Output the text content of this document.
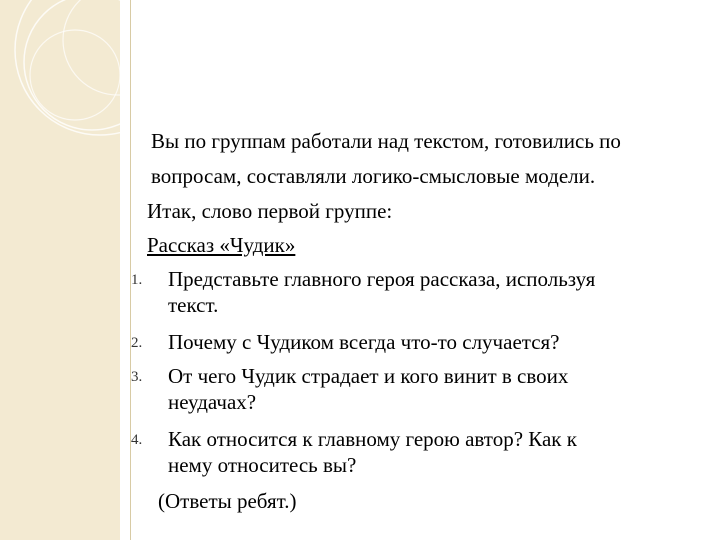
Вы по группам работали над текстом, готовились по
вопросам, составляли логико-смысловые модели.
Итак, слово первой группе:
Рассказ «Чудик»
1. Представьте главного героя рассказа, используя
текст.
2. Почему с Чудиком всегда что-то случается?
3. От чего Чудик страдает и кого винит в своих
неудачах?
4. Как относится к главному герою автор? Как к
нему относитесь вы?
(Ответы ребят.)
